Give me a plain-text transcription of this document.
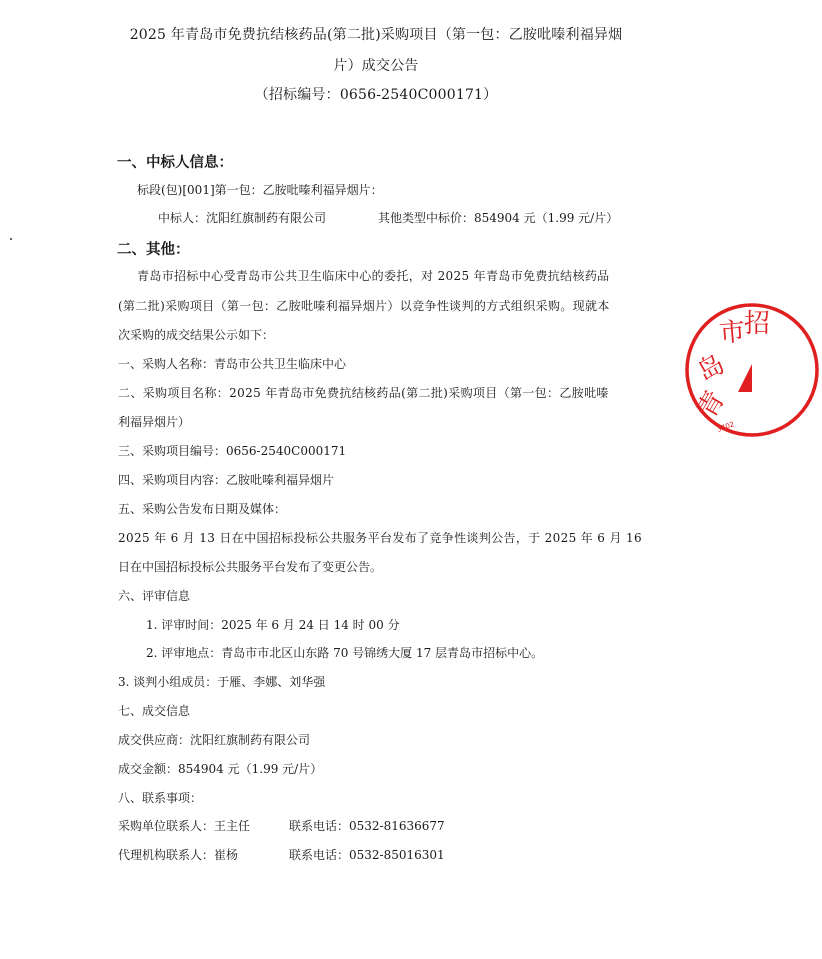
2025 年青岛市免费抗结核药品(第二批)采购项目（第一包：乙胺吡嗪利福异烟
片）成交公告
（招标编号：0656-2540C000171）
一、中标人信息：
标段(包)[001]第一包：乙胺吡嗪利福异烟片：
中标人：沈阳红旗制药有限公司	其他类型中标价：854904 元（1.99 元/片）
二、其他：
青岛市招标中心受青岛市公共卫生临床中心的委托，对 2025 年青岛市免费抗结核药品
(第二批)采购项目（第一包：乙胺吡嗪利福异烟片）以竞争性谈判的方式组织采购。现就本
次采购的成交结果公示如下：
一、采购人名称：青岛市公共卫生临床中心
二、采购项目名称：2025 年青岛市免费抗结核药品(第二批)采购项目（第一包：乙胺吡嗪
利福异烟片）
三、采购项目编号：0656-2540C000171
四、采购项目内容：乙胺吡嗪利福异烟片
五、采购公告发布日期及媒体：
2025 年 6 月 13 日在中国招标投标公共服务平台发布了竞争性谈判公告，于 2025 年 6 月 16
日在中国招标投标公共服务平台发布了变更公告。
六、评审信息
1. 评审时间：2025 年 6 月 24 日 14 时 00 分
2. 评审地点：青岛市市北区山东路 70 号锦绣大厦 17 层青岛市招标中心。
3. 谈判小组成员：于雁、李娜、刘华强
七、成交信息
成交供应商：沈阳红旗制药有限公司
成交金额：854904 元（1.99 元/片）
八、联系事项：
采购单位联系人：王主任	联系电话：0532-81636677
代理机构联系人：崔杨	联系电话：0532-85016301
青
岛
市
招
3702
